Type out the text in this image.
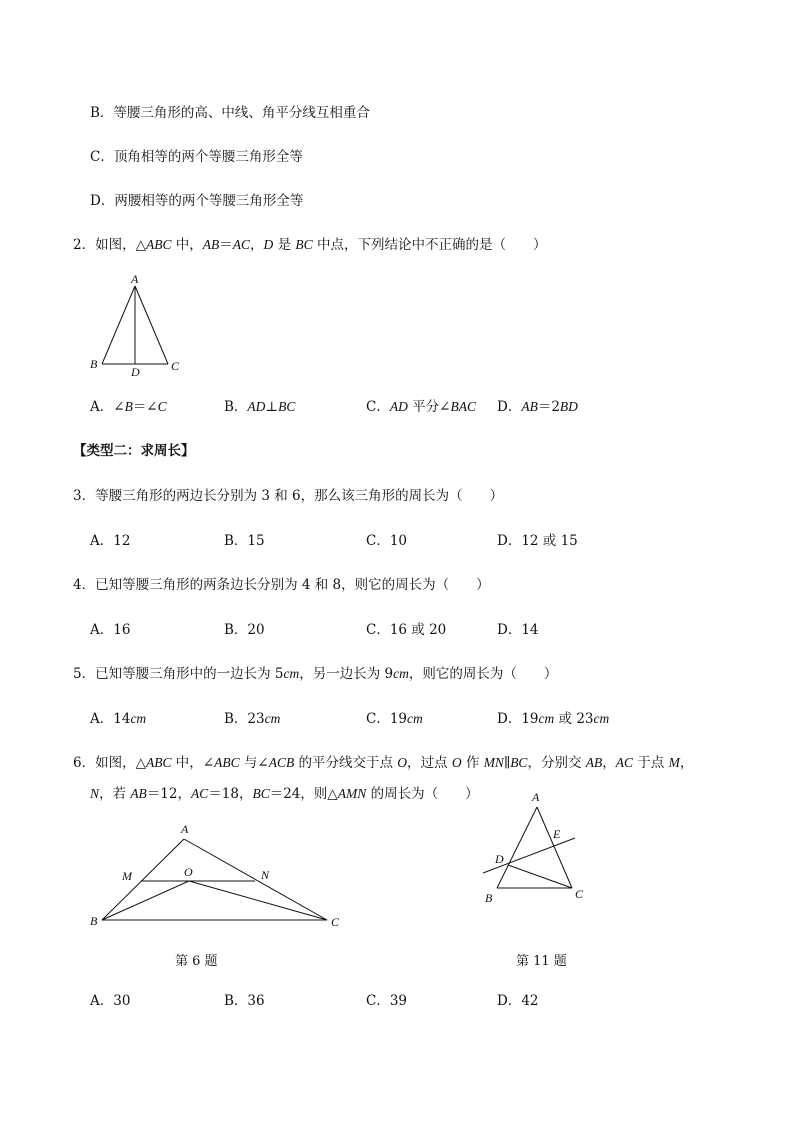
B．等腰三角形的高、中线、角平分线互相重合
C．顶角相等的两个等腰三角形全等
D．两腰相等的两个等腰三角形全等
2．如图，△ABC 中，AB＝AC，D 是 BC 中点，下列结论中不正确的是（　　）
A
B	C
D
A．∠B＝∠C	B．AD⊥BC	C．AD 平分∠BAC D．AB＝2BD
【类型二：求周长】
3．等腰三角形的两边长分别为 3 和 6，那么该三角形的周长为（　　）
A．12	B．15	C．10	D．12 或 15
4．已知等腰三角形的两条边长分别为 4 和 8，则它的周长为（　　）
A．16	B．20	C．16 或 20	D．14
5．已知等腰三角形中的一边长为 5cm，另一边长为 9cm，则它的周长为（　　）
A．14cm	B．23cm	C．19cm	D．19cm 或 23cm
6．如图，△ABC 中，∠ABC 与∠ACB 的平分线交于点 O，过点 O 作 MN∥BC，分别交 AB，AC 于点 M，
N，若 AB＝12，AC＝18，BC＝24，则△AMN 的周长为（　　）
A
B	C
M	N
O
A
B	C
D
E
第 6 题	第 11 题
A．30	B．36	C．39	D．42
